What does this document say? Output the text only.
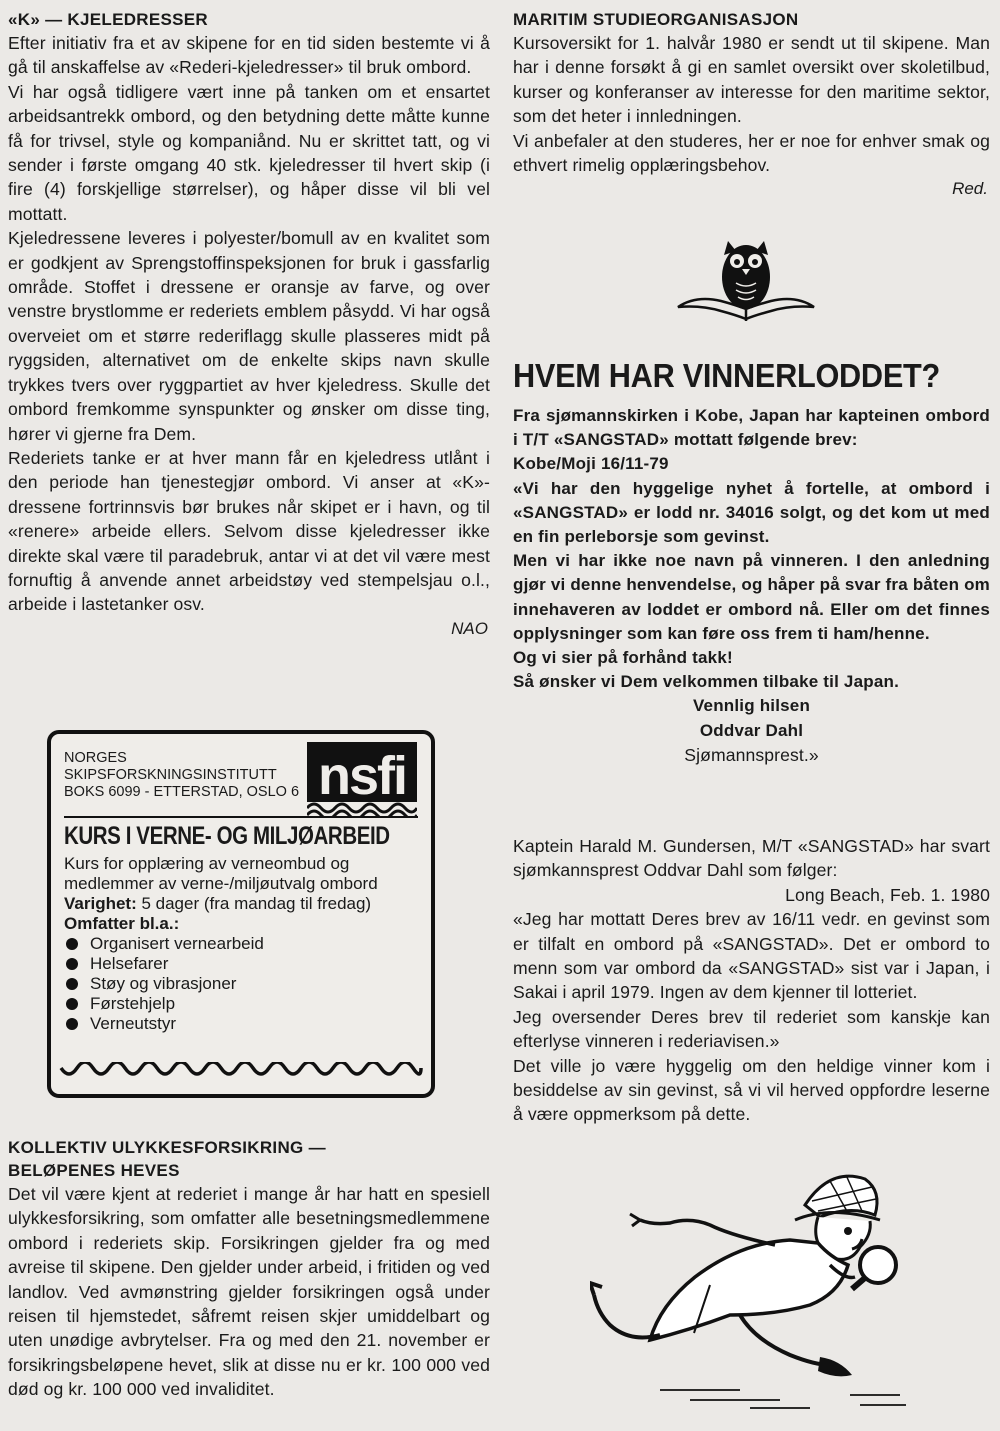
«K» — KJELEDRESSER

Efter initiativ fra et av skipene for en tid siden bestemte vi å gå til anskaffelse av «Rederi-kjeledresser» til bruk ombord.

Vi har også tidligere vært inne på tanken om et ensartet arbeidsantrekk ombord, og den betydning dette måtte kunne få for trivsel, style og kompaniånd. Nu er skrittet tatt, og vi sender i første omgang 40 stk. kjeledresser til hvert skip (i fire (4) forskjellige størrelser), og håper disse vil bli vel mottatt.

Kjeledressene leveres i polyester/bomull av en kvalitet som er godkjent av Sprengstoffinspeksjonen for bruk i gassfarlig område. Stoffet i dressene er oransje av farve, og over venstre brystlomme er rederiets emblem påsydd. Vi har også overveiet om et større rederiflagg skulle plasseres midt på ryggsiden, alternativet om de enkelte skips navn skulle trykkes tvers over ryggpartiet av hver kjeledress. Skulle det ombord fremkomme synspunkter og ønsker om disse ting, hører vi gjerne fra Dem.

Rederiets tanke er at hver mann får en kjeledress utlånt i den periode han tjenestegjør ombord. Vi anser at «K»-dressene fortrinnsvis bør brukes når skipet er i havn, og til «renere» arbeide ellers. Selvom disse kjeledresser ikke direkte skal være til paradebruk, antar vi at det vil være mest fornuftig å anvende annet arbeidstøy ved stempelsjau o.l., arbeide i lastetanker osv.

NAO

NORGES
SKIPSFORSKNINGSINSTITUTT
BOKS 6099 - ETTERSTAD, OSLO 6 nsfi
KURS I VERNE- OG MILJØARBEID

Kurs for opplæring av verneombud og medlemmer av verne-/miljøutvalg ombord

Varighet: 5 dager (fra mandag til fredag)

Omfatter bl.a.:

Organisert vernearbeid
Helsefarer
Støy og vibrasjoner
Førstehjelp
Verneutstyr

KOLLEKTIV ULYKKESFORSIKRING —

BELØPENES HEVES

Det vil være kjent at rederiet i mange år har hatt en spesiell ulykkesforsikring, som omfatter alle besetningsmedlemmene ombord i rederiets skip. Forsikringen gjelder fra og med avreise til skipene. Den gjelder under arbeid, i fritiden og ved landlov. Ved avmønstring gjelder forsikringen også under reisen til hjemstedet, såfremt reisen skjer umiddelbart og uten unødige avbrytelser. Fra og med den 21. november er forsikringsbeløpene hevet, slik at disse nu er kr. 100 000 ved død og kr. 100 000 ved invaliditet.

MARITIM STUDIEORGANISASJON

Kursoversikt for 1. halvår 1980 er sendt ut til skipene. Man har i denne forsøkt å gi en samlet oversikt over skoletilbud, kurser og konferanser av interesse for den maritime sektor, som det heter i innledningen.

Vi anbefaler at den studeres, her er noe for enhver smak og ethvert rimelig opplæringsbehov.

Red.

HVEM HAR VINNERLODDET?

Fra sjømannskirken i Kobe, Japan har kapteinen ombord i T/T «SANGSTAD» mottatt følgende brev:

Kobe/Moji 16/11-79

«Vi har den hyggelige nyhet å fortelle, at ombord i «SANGSTAD» er lodd nr. 34016 solgt, og det kom ut med en fin perleborsje som gevinst.

Men vi har ikke noe navn på vinneren. I den anledning gjør vi denne henvendelse, og håper på svar fra båten om innehaveren av loddet er ombord nå. Eller om det finnes opplysninger som kan føre oss frem ti ham/henne.

Og vi sier på forhånd takk!

Så ønsker vi Dem velkommen tilbake til Japan.

Vennlig hilsen

Oddvar Dahl

Sjømannsprest.»

Kaptein Harald M. Gundersen, M/T «SANGSTAD» har svart sjømkannsprest Oddvar Dahl som følger:

Long Beach, Feb. 1. 1980

«Jeg har mottatt Deres brev av 16/11 vedr. en gevinst som er tilfalt en ombord på «SANGSTAD». Det er ombord to menn som var ombord da «SANGSTAD» sist var i Japan, i Sakai i april 1979. Ingen av dem kjenner til lotteriet.

Jeg oversender Deres brev til rederiet som kanskje kan efterlyse vinneren i rederiavisen.»

Det ville jo være hyggelig om den heldige vinner kom i besiddelse av sin gevinst, så vi vil herved oppfordre leserne å være oppmerksom på dette.
